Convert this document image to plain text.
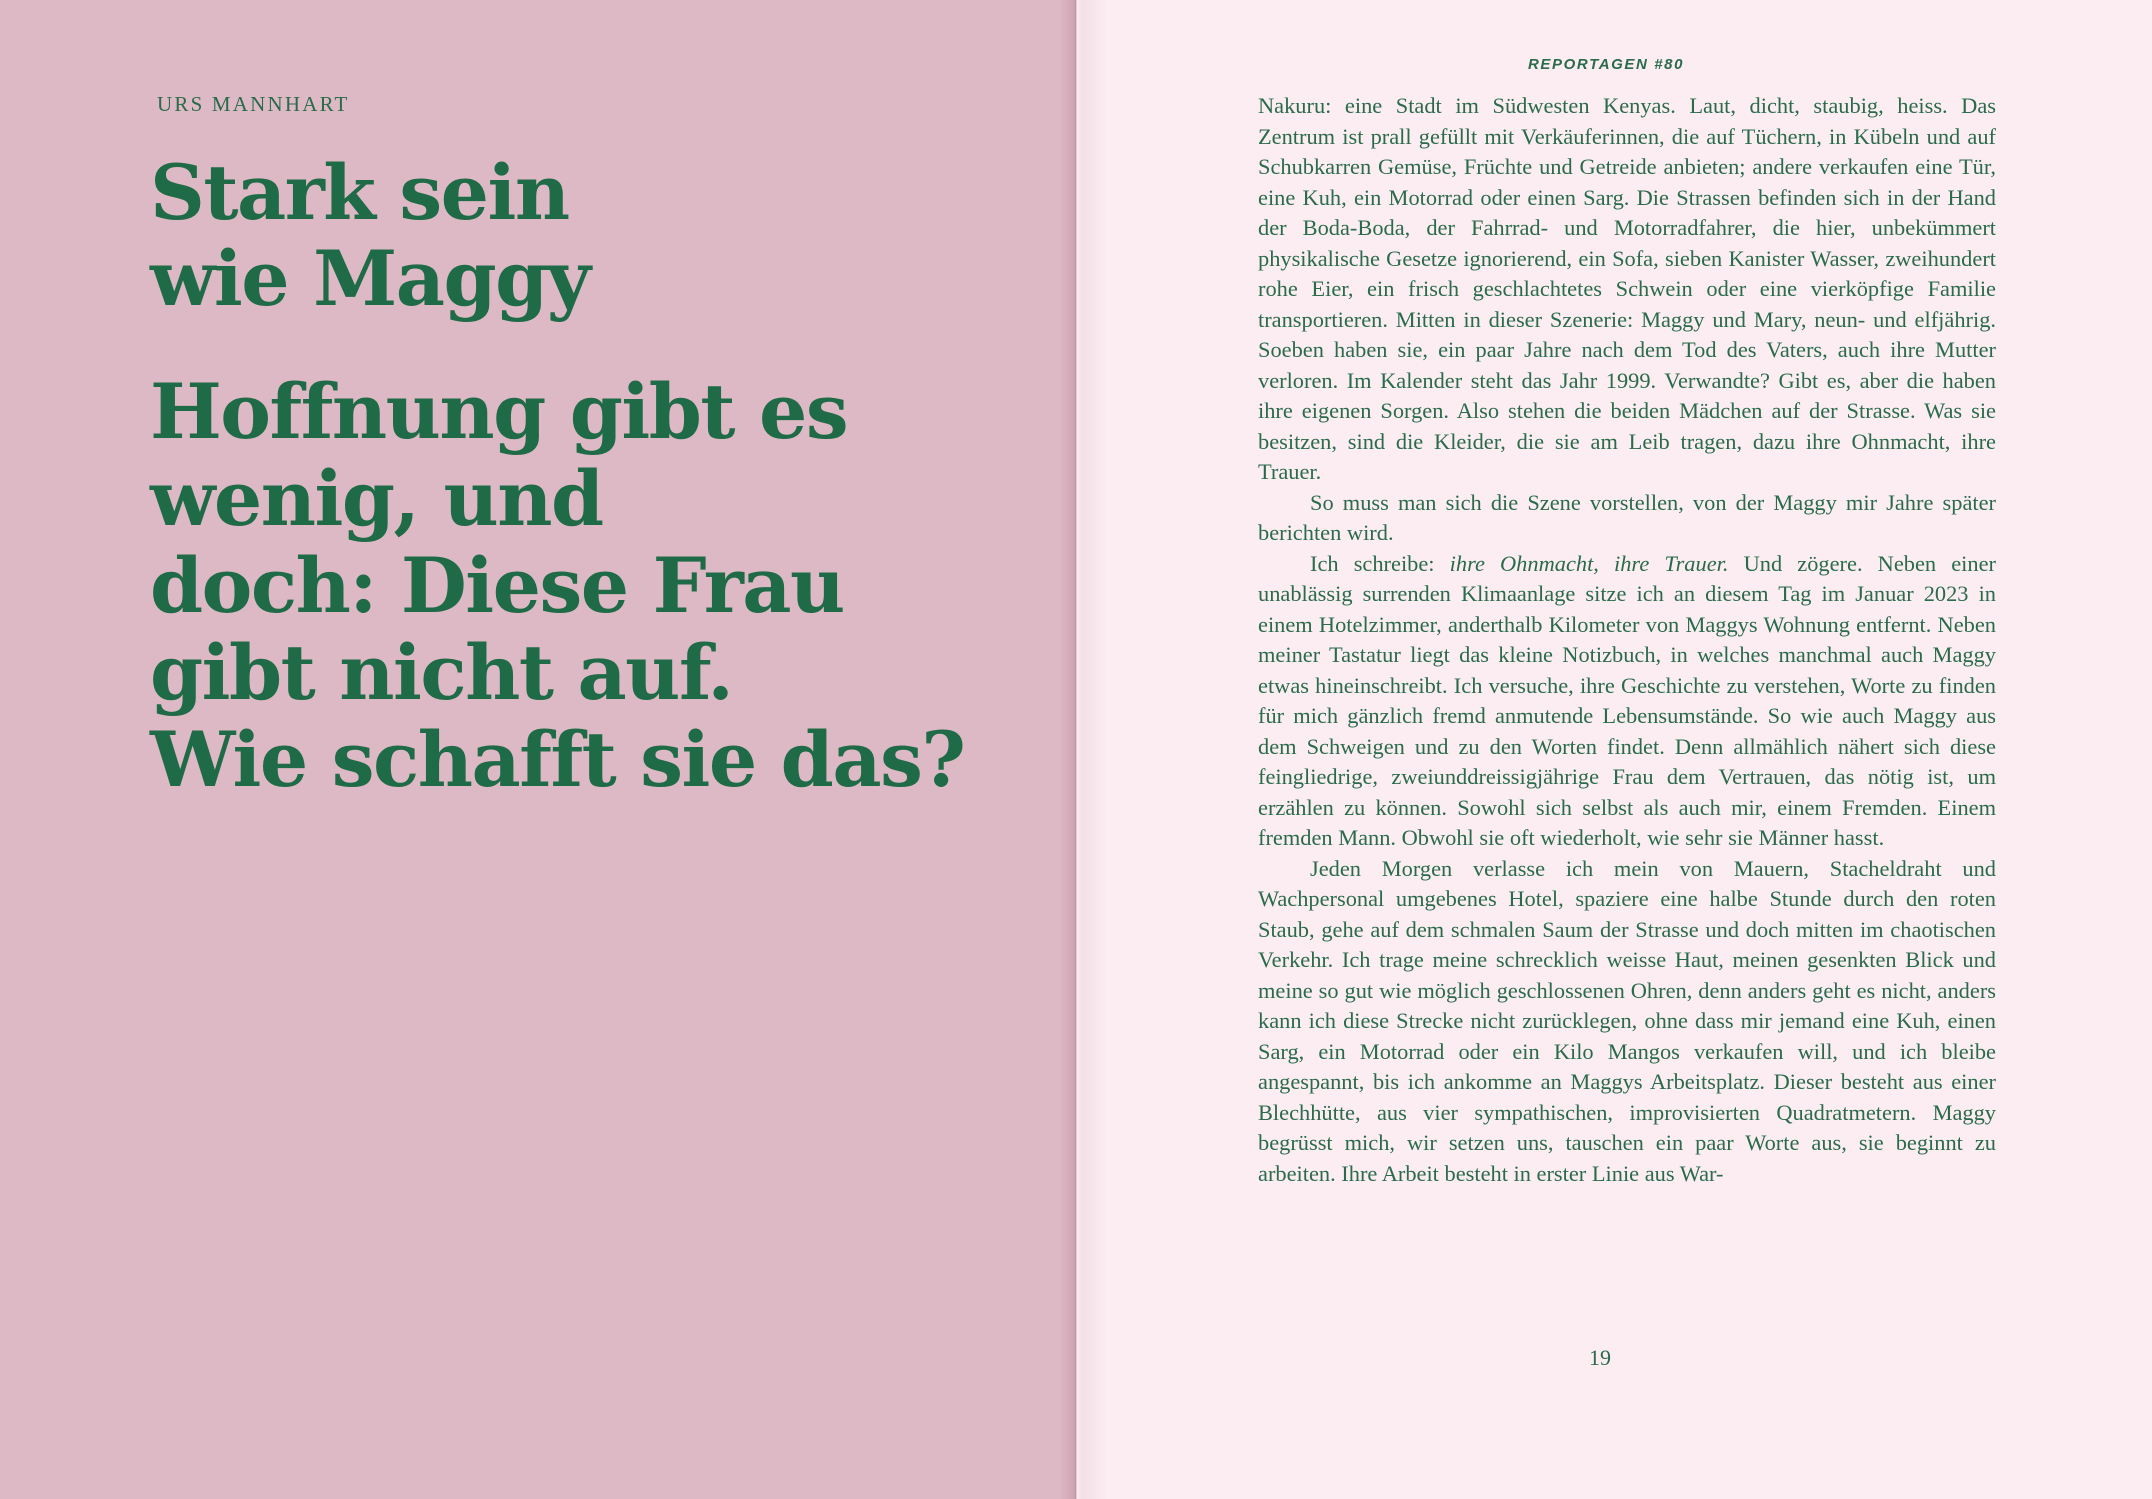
URS MANNHART
Stark sein
wie Maggy
Hoffnung gibt es
wenig, und
doch: Diese Frau
gibt nicht auf.
Wie schafft sie das?
REPORTAGEN #80

Nakuru: eine Stadt im Südwesten Kenyas. Laut, dicht, staubig, heiss. Das Zentrum ist prall gefüllt mit Verkäuferinnen, die auf Tüchern, in Kübeln und auf Schubkarren Gemüse, Früchte und Getreide anbieten; andere verkaufen eine Tür, eine Kuh, ein Motorrad oder einen Sarg. Die Strassen befinden sich in der Hand der Boda-Boda, der Fahrrad- und Motorradfahrer, die hier, unbekümmert physikalische Gesetze ignorierend, ein Sofa, sieben Kanister Wasser, zweihundert rohe Eier, ein frisch geschlachtetes Schwein oder eine vierköpfige Familie transportieren. Mitten in dieser Szenerie: Maggy und Mary, neun- und elfjährig. Soeben haben sie, ein paar Jahre nach dem Tod des Vaters, auch ihre Mutter verloren. Im Kalender steht das Jahr 1999. Verwandte? Gibt es, aber die haben ihre eigenen Sorgen. Also stehen die beiden Mädchen auf der Strasse. Was sie besitzen, sind die Kleider, die sie am Leib tragen, dazu ihre Ohnmacht, ihre Trauer.

So muss man sich die Szene vorstellen, von der Maggy mir Jahre später berichten wird.

Ich schreibe: ihre Ohnmacht, ihre Trauer. Und zögere. Neben einer unablässig surrenden Klimaanlage sitze ich an diesem Tag im Januar 2023 in einem Hotelzimmer, anderthalb Kilometer von Maggys Wohnung entfernt. Neben meiner Tastatur liegt das kleine Notizbuch, in welches manchmal auch Maggy etwas hineinschreibt. Ich versuche, ihre Geschichte zu verstehen, Worte zu finden für mich gänzlich fremd anmutende Lebensumstände. So wie auch Maggy aus dem Schweigen und zu den Worten findet. Denn allmählich nähert sich diese feingliedrige, zweiunddreissigjährige Frau dem Vertrauen, das nötig ist, um erzählen zu können. Sowohl sich selbst als auch mir, einem Fremden. Einem fremden Mann. Obwohl sie oft wiederholt, wie sehr sie Männer hasst.

Jeden Morgen verlasse ich mein von Mauern, Stacheldraht und Wachpersonal umgebenes Hotel, spaziere eine halbe Stunde durch den roten Staub, gehe auf dem schmalen Saum der Strasse und doch mitten im chaotischen Verkehr. Ich trage meine schrecklich weisse Haut, meinen gesenkten Blick und meine so gut wie möglich geschlossenen Ohren, denn anders geht es nicht, anders kann ich diese Strecke nicht zurücklegen, ohne dass mir jemand eine Kuh, einen Sarg, ein Motorrad oder ein Kilo Mangos verkaufen will, und ich bleibe angespannt, bis ich ankomme an Maggys Arbeitsplatz. Dieser besteht aus einer Blechhütte, aus vier sympathischen, improvisierten Quadratmetern. Maggy begrüsst mich, wir setzen uns, tauschen ein paar Worte aus, sie beginnt zu arbeiten. Ihre Arbeit besteht in erster Linie aus War-

19
